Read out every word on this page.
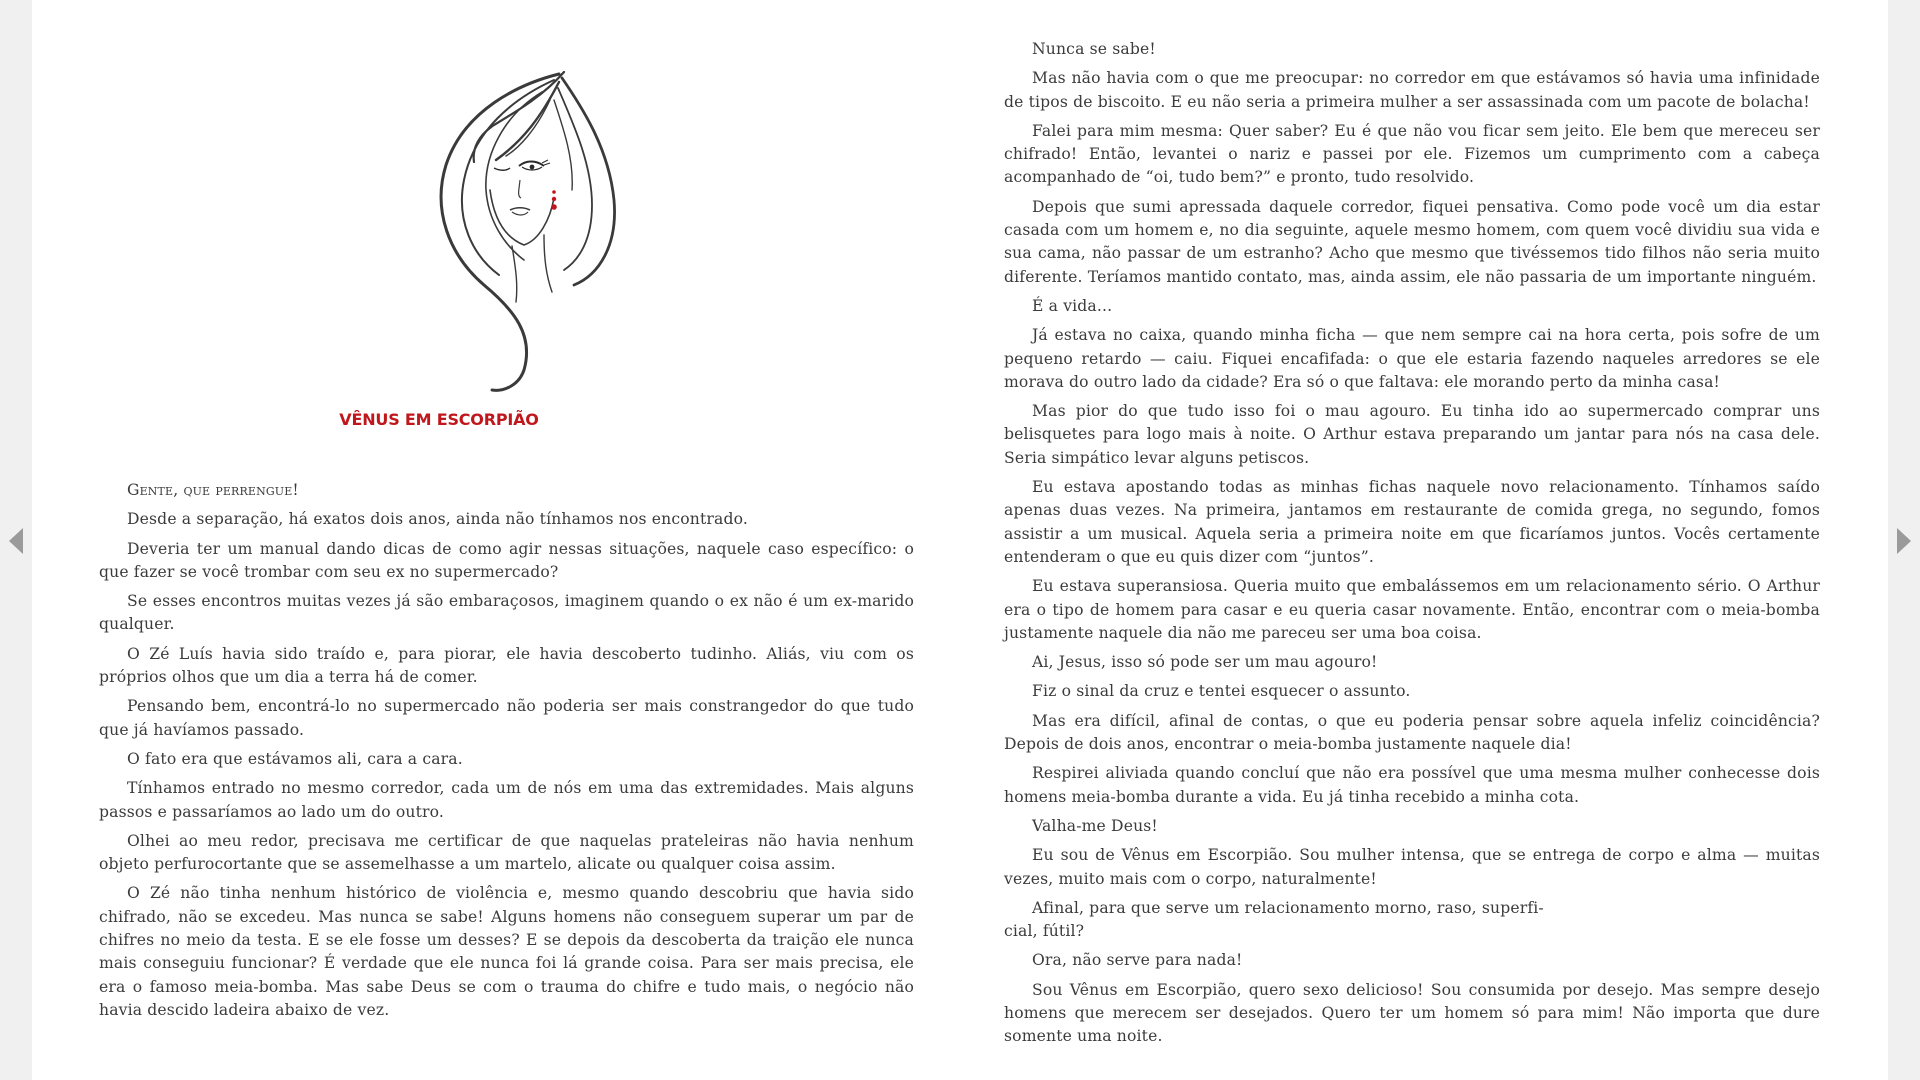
VÊNUS EM ESCORPIÃO

Gente, que perrengue!

Desde a separação, há exatos dois anos, ainda não tínhamos nos encontrado.

Deveria ter um manual dando dicas de como agir nessas situações, naquele caso específico: o que fazer se você trombar com seu ex no supermercado?

Se esses encontros muitas vezes já são embaraçosos, imaginem quando o ex não é um ex-marido qualquer.

O Zé Luís havia sido traído e, para piorar, ele havia descoberto tudinho. Aliás, viu com os próprios olhos que um dia a terra há de comer.

Pensando bem, encontrá-lo no supermercado não poderia ser mais constrangedor do que tudo que já havíamos passado.

O fato era que estávamos ali, cara a cara.

Tínhamos entrado no mesmo corredor, cada um de nós em uma das extremidades. Mais alguns passos e passaríamos ao lado um do outro.

Olhei ao meu redor, precisava me certificar de que naquelas prateleiras não havia nenhum objeto perfurocortante que se assemelhasse a um martelo, alicate ou qualquer coisa assim.

O Zé não tinha nenhum histórico de violência e, mesmo quando descobriu que havia sido chifrado, não se excedeu. Mas nunca se sabe! Alguns homens não conseguem superar um par de chifres no meio da testa. E se ele fosse um desses? E se depois da descoberta da traição ele nunca mais conseguiu funcionar? É verdade que ele nunca foi lá grande coisa. Para ser mais precisa, ele era o famoso meia-bomba. Mas sabe Deus se com o trauma do chifre e tudo mais, o negócio não havia descido ladeira abaixo de vez.

Nunca se sabe!

Mas não havia com o que me preocupar: no corredor em que estávamos só havia uma infinidade de tipos de biscoito. E eu não seria a primeira mulher a ser assassinada com um pacote de bolacha!

Falei para mim mesma: Quer saber? Eu é que não vou ficar sem jeito. Ele bem que mereceu ser chifrado! Então, levantei o nariz e passei por ele. Fizemos um cumprimento com a cabeça acompanhado de “oi, tudo bem?” e pronto, tudo resolvido.

Depois que sumi apressada daquele corredor, fiquei pensativa. Como pode você um dia estar casada com um homem e, no dia seguinte, aquele mesmo homem, com quem você dividiu sua vida e sua cama, não passar de um estranho? Acho que mesmo que tivéssemos tido filhos não seria muito diferente. Teríamos mantido contato, mas, ainda assim, ele não passaria de um importante ninguém.

É a vida...

Já estava no caixa, quando minha ficha — que nem sempre cai na hora certa, pois sofre de um pequeno retardo — caiu. Fiquei encafifada: o que ele estaria fazendo naqueles arredores se ele morava do outro lado da cidade? Era só o que faltava: ele morando perto da minha casa!

Mas pior do que tudo isso foi o mau agouro. Eu tinha ido ao supermercado comprar uns belisquetes para logo mais à noite. O Arthur estava preparando um jantar para nós na casa dele. Seria simpático levar alguns petiscos.

Eu estava apostando todas as minhas fichas naquele novo relacionamento. Tínhamos saído apenas duas vezes. Na primeira, jantamos em restaurante de comida grega, no segundo, fomos assistir a um musical. Aquela seria a primeira noite em que ficaríamos juntos. Vocês certamente entenderam o que eu quis dizer com “juntos”.

Eu estava superansiosa. Queria muito que embalássemos em um relacionamento sério. O Arthur era o tipo de homem para casar e eu queria casar novamente. Então, encontrar com o meia-bomba justamente naquele dia não me pareceu ser uma boa coisa.

Ai, Jesus, isso só pode ser um mau agouro!

Fiz o sinal da cruz e tentei esquecer o assunto.

Mas era difícil, afinal de contas, o que eu poderia pensar sobre aquela infeliz coincidência? Depois de dois anos, encontrar o meia-bomba justamente naquele dia!

Respirei aliviada quando concluí que não era possível que uma mesma mulher conhecesse dois homens meia-bomba durante a vida. Eu já tinha recebido a minha cota.

Valha-me Deus!

Eu sou de Vênus em Escorpião. Sou mulher intensa, que se entrega de corpo e alma — muitas vezes, muito mais com o corpo, naturalmente!

Afinal, para que serve um relacionamento morno, raso, superfi-

cial, fútil?

Ora, não serve para nada!

Sou Vênus em Escorpião, quero sexo delicioso! Sou consumida por desejo. Mas sempre desejo homens que merecem ser desejados. Quero ter um homem só para mim! Não importa que dure somente uma noite.
